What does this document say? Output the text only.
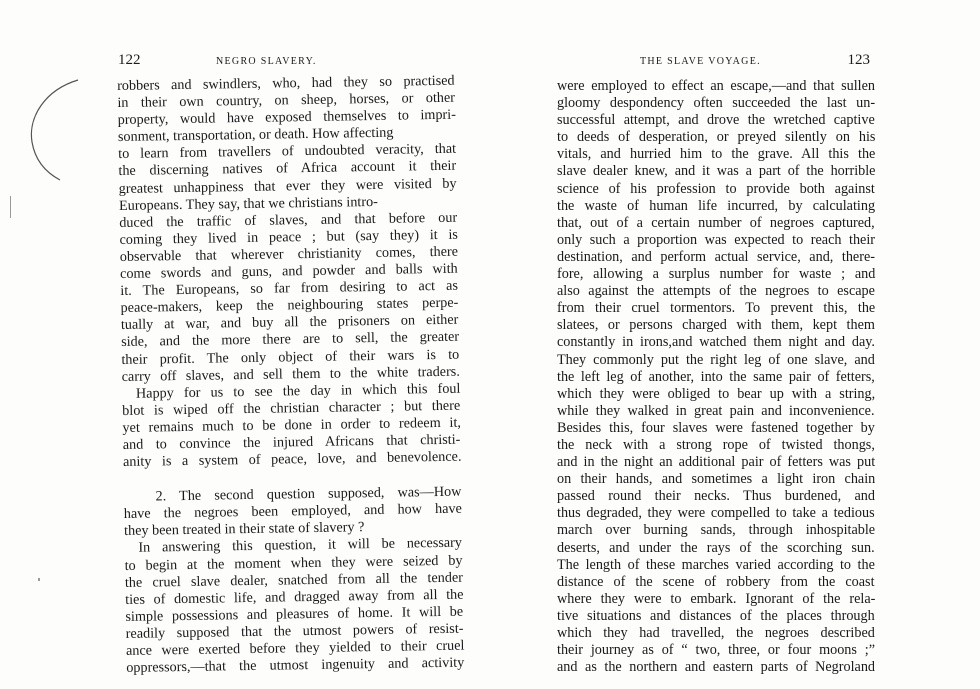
122	NEGRO SLAVERY.
robbers and swindlers, who, had they so practised
in their own country, on sheep, horses, or other
property, would have exposed themselves to impri-
sonment, transportation, or death. How affecting
to learn from travellers of undoubted veracity, that
the discerning natives of Africa account it their
greatest unhappiness that ever they were visited by
Europeans. They say, that we christians intro-
duced the traffic of slaves, and that before our
coming they lived in peace ; but (say they) it is
observable that wherever christianity comes, there
come swords and guns, and powder and balls with
it. The Europeans, so far from desiring to act as
peace-makers, keep the neighbouring states perpe-
tually at war, and buy all the prisoners on either
side, and the more there are to sell, the greater
their profit. The only object of their wars is to
carry off slaves, and sell them to the white traders.
Happy for us to see the day in which this foul
blot is wiped off the christian character ; but there
yet remains much to be done in order to redeem it,
and to convince the injured Africans that christi-
anity is a system of peace, love, and benevolence.
2. The second question supposed, was—How
have the negroes been employed, and how have
they been treated in their state of slavery ?
In answering this question, it will be necessary
to begin at the moment when they were seized by
the cruel slave dealer, snatched from all the tender
ties of domestic life, and dragged away from all the
simple possessions and pleasures of home. It will be
readily supposed that the utmost powers of resist-
ance were exerted before they yielded to their cruel
oppressors,—that the utmost ingenuity and activity
THE SLAVE VOYAGE.	123
were employed to effect an escape,—and that sullen
gloomy despondency often succeeded the last un-
successful attempt, and drove the wretched captive
to deeds of desperation, or preyed silently on his
vitals, and hurried him to the grave. All this the
slave dealer knew, and it was a part of the horrible
science of his profession to provide both against
the waste of human life incurred, by calculating
that, out of a certain number of negroes captured,
only such a proportion was expected to reach their
destination, and perform actual service, and, there-
fore, allowing a surplus number for waste ; and
also against the attempts of the negroes to escape
from their cruel tormentors. To prevent this, the
slatees, or persons charged with them, kept them
constantly in irons,and watched them night and day.
They commonly put the right leg of one slave, and
the left leg of another, into the same pair of fetters,
which they were obliged to bear up with a string,
while they walked in great pain and inconvenience.
Besides this, four slaves were fastened together by
the neck with a strong rope of twisted thongs,
and in the night an additional pair of fetters was put
on their hands, and sometimes a light iron chain
passed round their necks. Thus burdened, and
thus degraded, they were compelled to take a tedious
march over burning sands, through inhospitable
deserts, and under the rays of the scorching sun.
The length of these marches varied according to the
distance of the scene of robbery from the coast
where they were to embark. Ignorant of the rela-
tive situations and distances of the places through
which they had travelled, the negroes described
their journey as of “ two, three, or four moons ;”
and as the northern and eastern parts of Negroland
